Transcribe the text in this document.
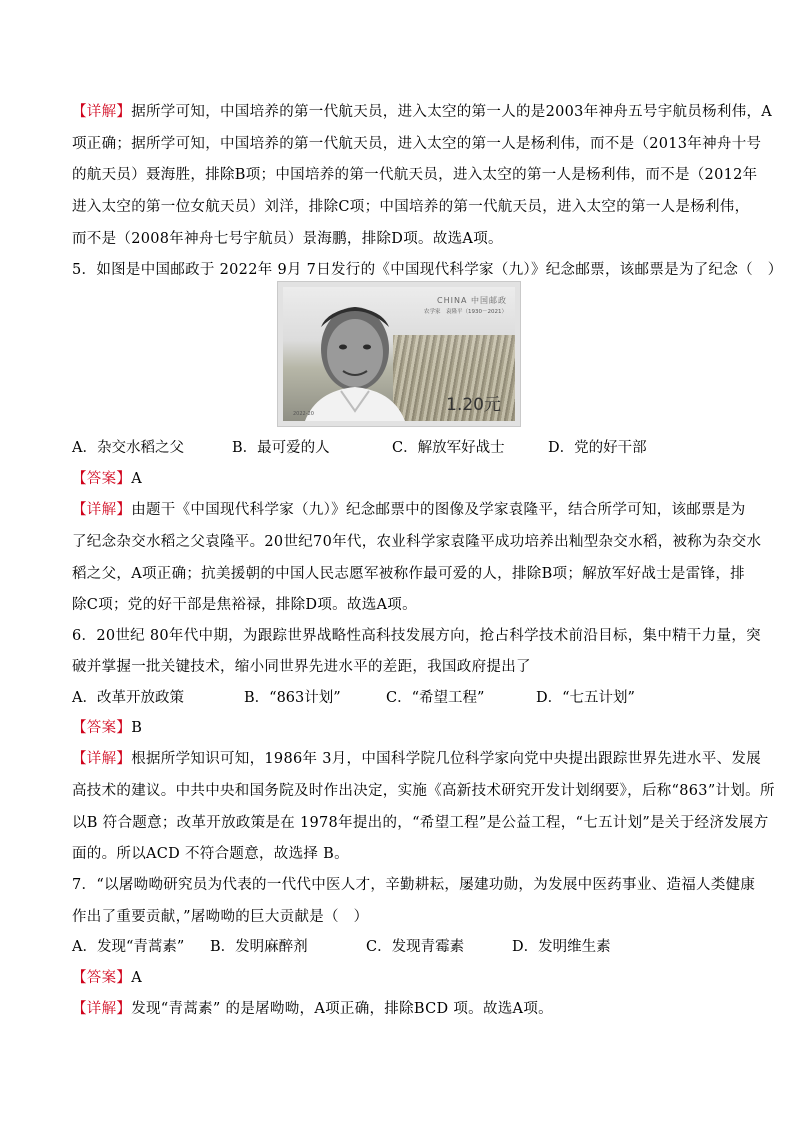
【详解】据所学可知，中国培养的第一代航天员，进入太空的第一人的是2003年神舟五号宇航员杨利伟，A
项正确；据所学可知，中国培养的第一代航天员，进入太空的第一人是杨利伟，而不是（2013年神舟十号
的航天员）聂海胜，排除B项；中国培养的第一代航天员，进入太空的第一人是杨利伟，而不是（2012年
进入太空的第一位女航天员）刘洋，排除C项；中国培养的第一代航天员，进入太空的第一人是杨利伟，
而不是（2008年神舟七号宇航员）景海鹏，排除D项。故选A项。
5．如图是中国邮政于 2022年 9月 7日发行的《中国现代科学家（九）》纪念邮票，该邮票是为了纪念（　）
CHINA 中国邮政
农学家　袁隆平（1930－2021）
2022-20	1.20元
A．杂交水稻之父	B．最可爱的人	C．解放军好战士	D．党的好干部
【答案】A
【详解】由题干《中国现代科学家（九）》纪念邮票中的图像及学家袁隆平，结合所学可知，该邮票是为
了纪念杂交水稻之父袁隆平。20世纪70年代，农业科学家袁隆平成功培养出籼型杂交水稻，被称为杂交水
稻之父，A项正确；抗美援朝的中国人民志愿军被称作最可爱的人，排除B项；解放军好战士是雷锋，排
除C项；党的好干部是焦裕禄，排除D项。故选A项。
6．20世纪 80年代中期，为跟踪世界战略性高科技发展方向，抢占科学技术前沿目标，集中精干力量，突
破并掌握一批关键技术，缩小同世界先进水平的差距，我国政府提出了
A．改革开放政策	B．“863计划”	C．“希望工程”	D．“七五计划”
【答案】B
【详解】根据所学知识可知，1986年 3月，中国科学院几位科学家向党中央提出跟踪世界先进水平、发展
高技术的建议。中共中央和国务院及时作出决定，实施《高新技术研究开发计划纲要》，后称“863”计划。所
以B 符合题意；改革开放政策是在 1978年提出的，“希望工程”是公益工程，“七五计划”是关于经济发展方
面的。所以ACD 不符合题意，故选择 B。
7．“以屠呦呦研究员为代表的一代代中医人才，辛勤耕耘，屡建功勋，为发展中医药事业、造福人类健康
作出了重要贡献，”屠呦呦的巨大贡献是（　）
A．发现“青蒿素” B．发明麻醉剂	C．发现青霉素	D．发明维生素
【答案】A
【详解】发现“青蒿素” 的是屠呦呦，A项正确，排除BCD 项。故选A项。
